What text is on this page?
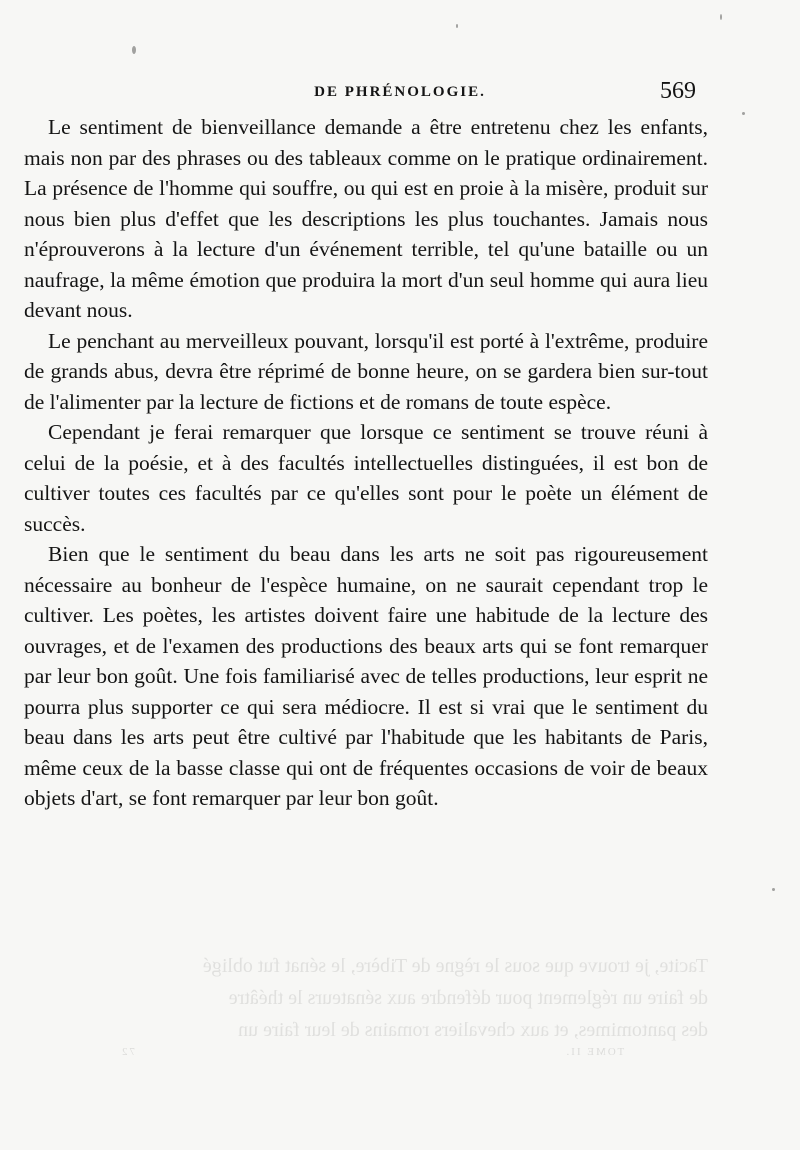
DE PHRÉNOLOGIE.	569

Le sentiment de bienveillance demande a être entretenu chez les enfants, mais non par des phrases ou des tableaux comme on le pratique ordinairement. La présence de l'homme qui souffre, ou qui est en proie à la misère, produit sur nous bien plus d'effet que les descriptions les plus touchantes. Jamais nous n'éprouverons à la lecture d'un événement terrible, tel qu'une bataille ou un naufrage, la même émotion que produira la mort d'un seul homme qui aura lieu devant nous.

Le penchant au merveilleux pouvant, lorsqu'il est porté à l'extrême, produire de grands abus, devra être réprimé de bonne heure, on se gardera bien sur-tout de l'alimenter par la lecture de fictions et de romans de toute espèce.

Cependant je ferai remarquer que lorsque ce sentiment se trouve réuni à celui de la poésie, et à des facultés intellectuelles distinguées, il est bon de cultiver toutes ces facultés par ce qu'elles sont pour le poète un élément de succès.

Bien que le sentiment du beau dans les arts ne soit pas rigoureusement nécessaire au bonheur de l'espèce humaine, on ne saurait cependant trop le cultiver. Les poètes, les artistes doivent faire une habitude de la lecture des ouvrages, et de l'examen des productions des beaux arts qui se font remarquer par leur bon goût. Une fois familiarisé avec de telles productions, leur esprit ne pourra plus supporter ce qui sera médiocre. Il est si vrai que le sentiment du beau dans les arts peut être cultivé par l'habitude que les habitants de Paris, même ceux de la basse classe qui ont de fréquentes occasions de voir de beaux objets d'art, se font remarquer par leur bon goût.

Tacite, je trouve que sous le règne de Tibère, le sénat fut obligé
de faire un réglement pour défendre aux sénateurs le théâtre
des pantomimes, et aux chevaliers romains de leur faire un
TOME II.  72
